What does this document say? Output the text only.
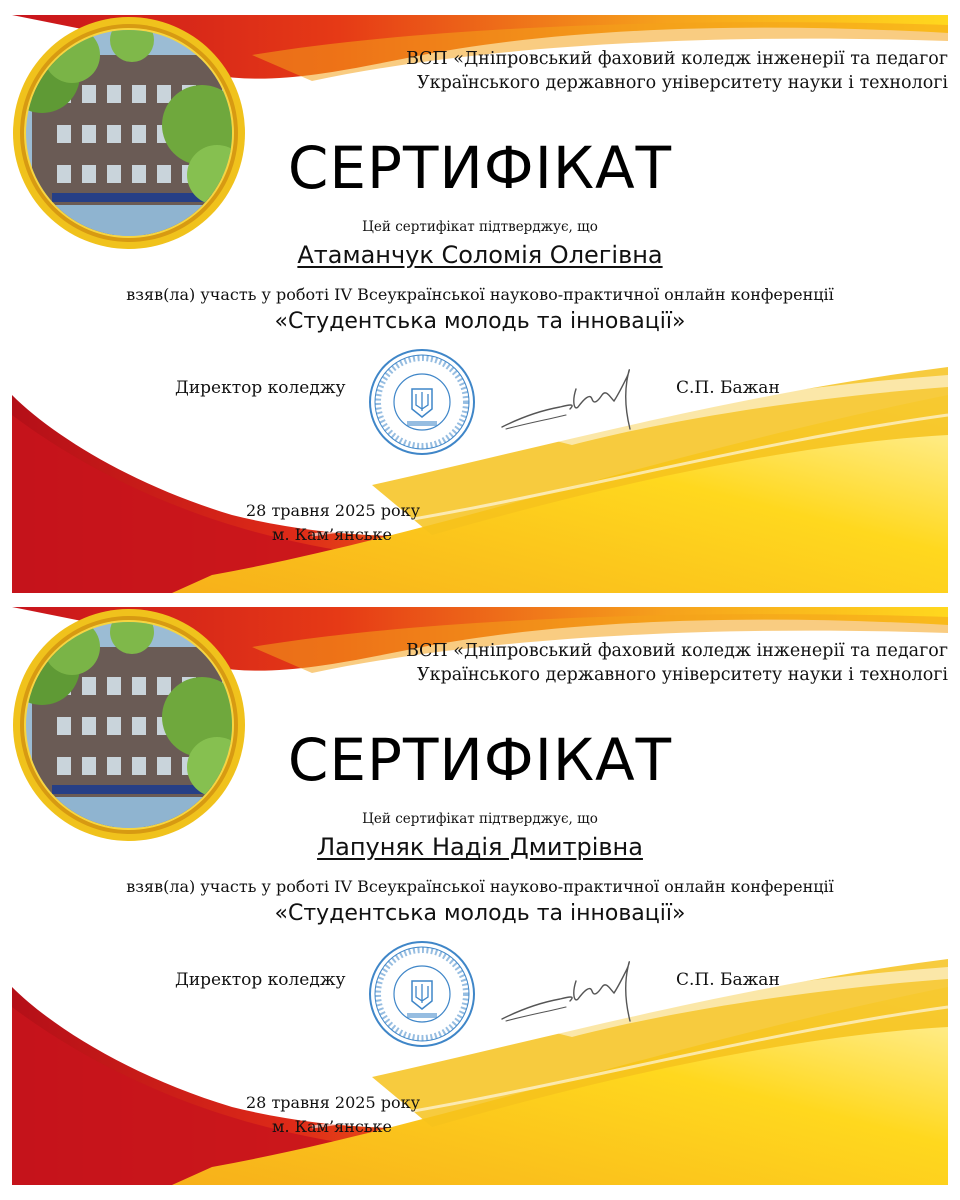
ВСП «Дніпровський фаховий коледж інженерії та педагог
Українського державного університету науки і технологі
СЕРТИФІКАТ
Цей сертифікат підтверджує, що
Атаманчук Соломія Олегівна
взяв(ла) участь у роботі IV Всеукраїнської науково-практичної онлайн конференції
«Студентська молодь та інновації»
Директор коледжу	С.П. Бажан
28 травня 2025 року
м. Кам’янське
ВСП «Дніпровський фаховий коледж інженерії та педагог
Українського державного університету науки і технологі
СЕРТИФІКАТ
Цей сертифікат підтверджує, що
Лапуняк Надія Дмитрівна
взяв(ла) участь у роботі IV Всеукраїнської науково-практичної онлайн конференції
«Студентська молодь та інновації»
Директор коледжу	С.П. Бажан
28 травня 2025 року
м. Кам’янське
